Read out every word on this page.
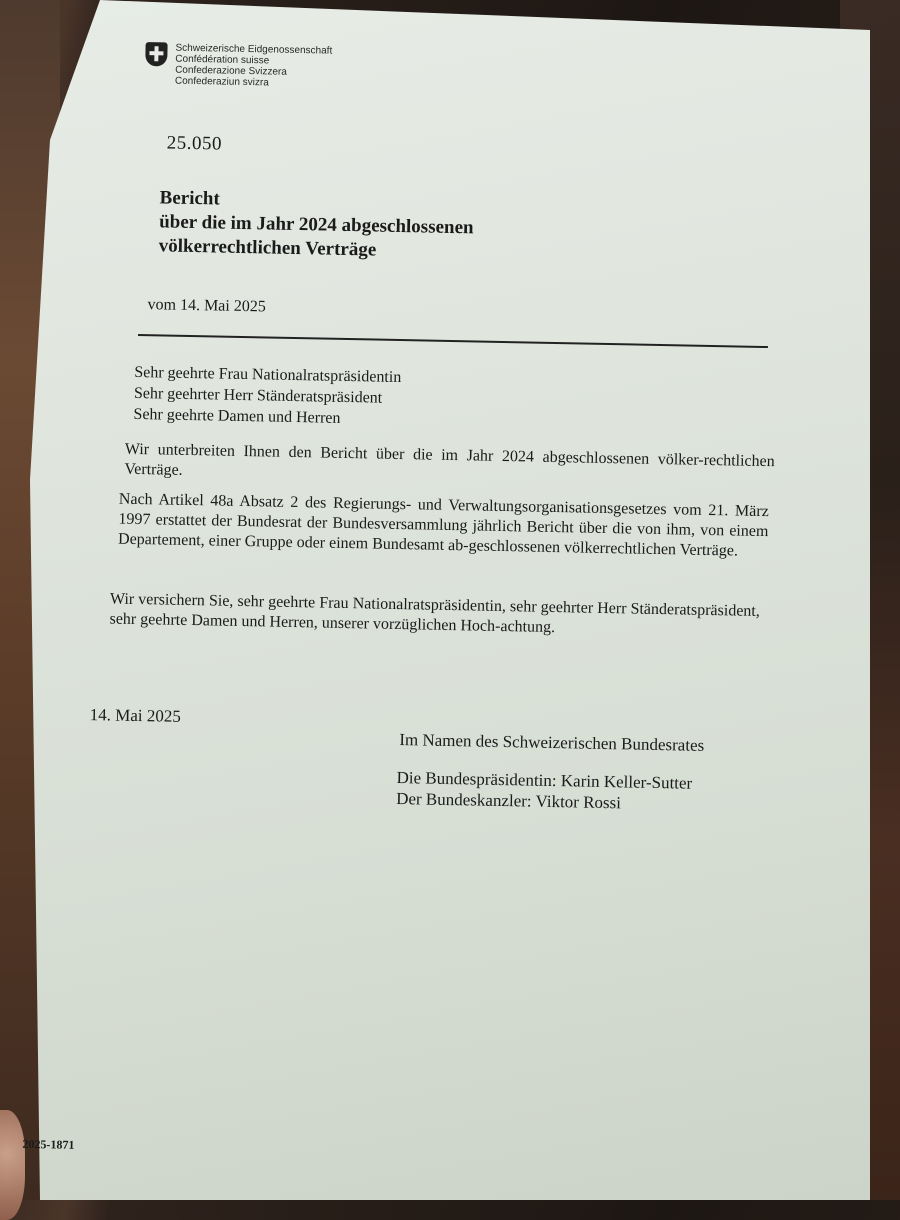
Schweizerische Eidgenossenschaft
Confédération suisse
Confederazione Svizzera
Confederaziun svizra
25.050
Bericht
über die im Jahr 2024 abgeschlossenen
völkerrechtlichen Verträge
vom 14. Mai 2025
Sehr geehrte Frau Nationalratspräsidentin
Sehr geehrter Herr Ständeratspräsident
Sehr geehrte Damen und Herren
Wir unterbreiten Ihnen den Bericht über die im Jahr 2024 abgeschlossenen völker-rechtlichen Verträge.
Nach Artikel 48a Absatz 2 des Regierungs- und Verwaltungsorganisationsgesetzes vom 21. März 1997 erstattet der Bundesrat der Bundesversammlung jährlich Bericht über die von ihm, von einem Departement, einer Gruppe oder einem Bundesamt ab-geschlossenen völkerrechtlichen Verträge.
Wir versichern Sie, sehr geehrte Frau Nationalratspräsidentin, sehr geehrter Herr Ständeratspräsident, sehr geehrte Damen und Herren, unserer vorzüglichen Hoch-achtung.
14. Mai 2025
Im Namen des Schweizerischen Bundesrates
Die Bundespräsidentin: Karin Keller-Sutter
Der Bundeskanzler: Viktor Rossi
2025-1871
